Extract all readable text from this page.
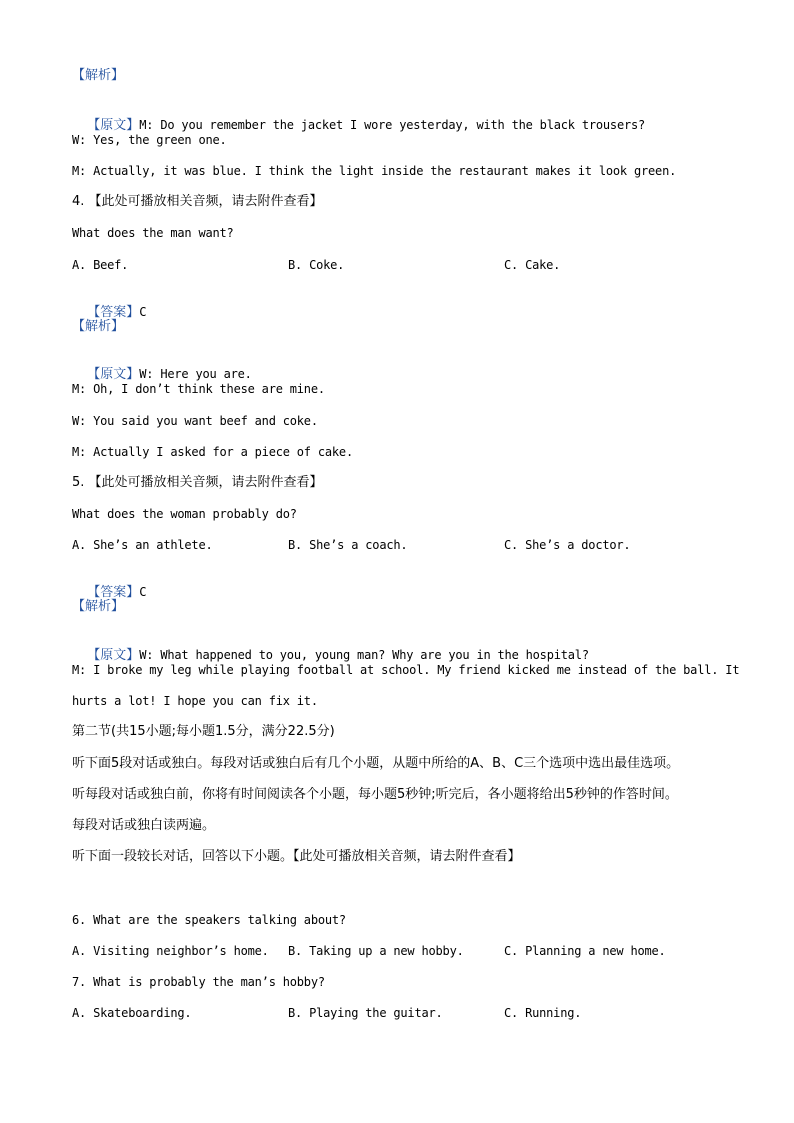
【解析】

【原文】M: Do you remember the jacket I wore yesterday, with the black trousers?

W: Yes, the green one.
M: Actually, it was blue. I think the light inside the restaurant makes it look green.
4. 【此处可播放相关音频，请去附件查看】
What does the man want?
A. Beef.	B. Coke.	C. Cake.

【答案】C

【解析】

【原文】W: Here you are.

M: Oh, I don’t think these are mine.
W: You said you want beef and coke.
M: Actually I asked for a piece of cake.
5. 【此处可播放相关音频，请去附件查看】
What does the woman probably do?
A. She’s an athlete.	B. She’s a coach.	C. She’s a doctor.

【答案】C

【解析】

【原文】W: What happened to you, young man? Why are you in the hospital?

M: I broke my leg while playing football at school. My friend kicked me instead of the ball. It
hurts a lot! I hope you can fix it.
第二节(共15小题;每小题1.5分，满分22.5分)
听下面5段对话或独白。每段对话或独白后有几个小题，从题中所给的A、B、C三个选项中选出最佳选项。
听每段对话或独白前，你将有时间阅读各个小题，每小题5秒钟;听完后，各小题将给出5秒钟的作答时间。
每段对话或独白读两遍。
听下面一段较长对话，回答以下小题。【此处可播放相关音频，请去附件查看】
6. What are the speakers talking about?
A. Visiting neighbor’s home. B. Taking up a new hobby.	C. Planning a new home.
7. What is probably the man’s hobby?
A. Skateboarding.	B. Playing the guitar.	C. Running.
